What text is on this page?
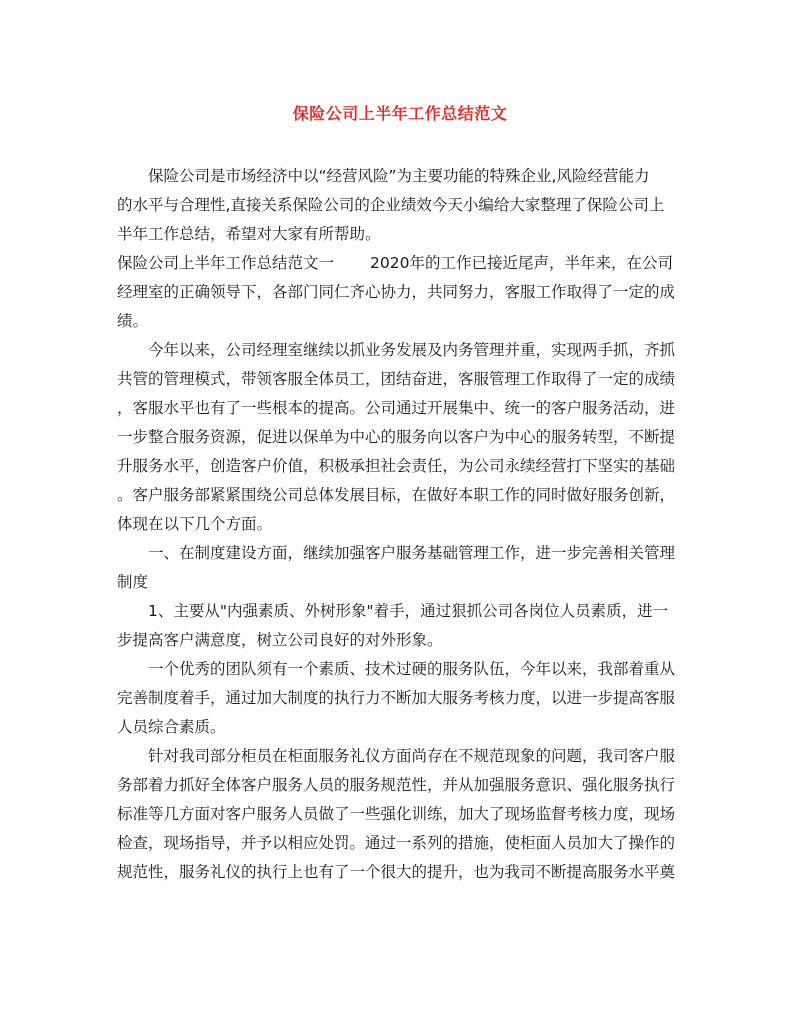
保险公司上半年工作总结范文
保险公司是市场经济中以“经营风险”为主要功能的特殊企业,风险经营能力
的水平与合理性,直接关系保险公司的企业绩效今天小编给大家整理了保险公司上
半年工作总结，希望对大家有所帮助。
保险公司上半年工作总结范文一 2020年的工作已接近尾声，半年来，在公司
经理室的正确领导下，各部门同仁齐心协力，共同努力，客服工作取得了一定的成
绩。
今年以来，公司经理室继续以抓业务发展及内务管理并重，实现两手抓，齐抓
共管的管理模式，带领客服全体员工，团结奋进，客服管理工作取得了一定的成绩
，客服水平也有了一些根本的提高。公司通过开展集中、统一的客户服务活动，进
一步整合服务资源，促进以保单为中心的服务向以客户为中心的服务转型，不断提
升服务水平，创造客户价值，积极承担社会责任，为公司永续经营打下坚实的基础
。客户服务部紧紧围绕公司总体发展目标，在做好本职工作的同时做好服务创新，
体现在以下几个方面。
一、在制度建设方面，继续加强客户服务基础管理工作，进一步完善相关管理
制度
1、主要从"内强素质、外树形象"着手，通过狠抓公司各岗位人员素质，进一
步提高客户满意度，树立公司良好的对外形象。
一个优秀的团队须有一个素质、技术过硬的服务队伍，今年以来，我部着重从
完善制度着手，通过加大制度的执行力不断加大服务考核力度，以进一步提高客服
人员综合素质。
针对我司部分柜员在柜面服务礼仪方面尚存在不规范现象的问题，我司客户服
务部着力抓好全体客户服务人员的服务规范性，并从加强服务意识、强化服务执行
标准等几方面对客户服务人员做了一些强化训练，加大了现场监督考核力度，现场
检查，现场指导，并予以相应处罚。通过一系列的措施，使柜面人员加大了操作的
规范性，服务礼仪的执行上也有了一个很大的提升，也为我司不断提高服务水平奠
